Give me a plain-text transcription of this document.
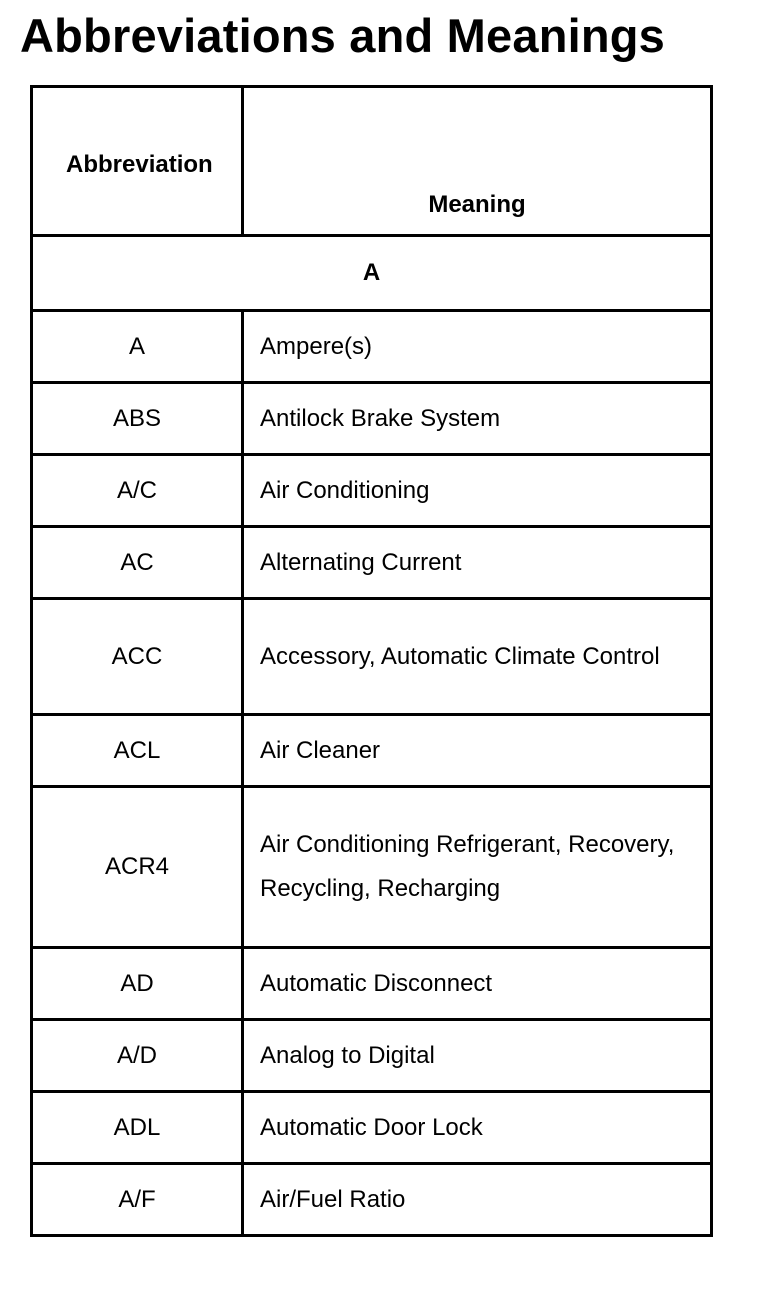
Abbreviations and Meanings
Abbreviation	Meaning

A	
A	Ampere(s)
ABS	Antilock Brake System
A/C	Air Conditioning
AC	Alternating Current
ACC	Accessory, Automatic Climate Control
ACL	Air Cleaner
ACR4	Air Conditioning Refrigerant, Recovery, Recycling, Recharging
AD	Automatic Disconnect
A/D	Analog to Digital
ADL	Automatic Door Lock
A/F	Air/Fuel Ratio
